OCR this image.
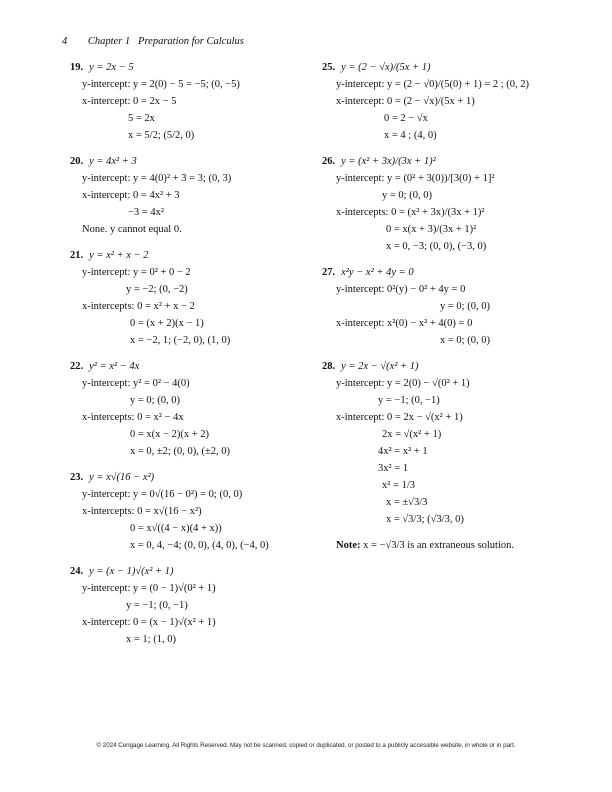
4 Chapter 1 Preparation for Calculus
19. y = 2x − 5
y-intercept: y = 2(0) − 5 = −5; (0, −5)
x-intercept: 0 = 2x − 5
5 = 2x
x = 5/2; (5/2, 0)
20. y = 4x² + 3
y-intercept: y = 4(0)² + 3 = 3; (0, 3)
x-intercept: 0 = 4x² + 3
−3 = 4x²
None. y cannot equal 0.
21. y = x² + x − 2
y-intercept: y = 0² + 0 − 2
y = −2; (0, −2)
x-intercepts: 0 = x² + x − 2
0 = (x + 2)(x − 1)
x = −2, 1; (−2, 0), (1, 0)
22. y² = x² − 4x
y-intercept: y² = 0² − 4(0)
y = 0; (0, 0)
x-intercepts: 0 = x² − 4x
0 = x(x − 2)(x + 2)
x = 0, ±2; (0, 0), (±2, 0)
23. y = x√(16 − x²)
y-intercept: y = 0√(16 − 0²) = 0; (0, 0)
x-intercepts: 0 = x√(16 − x²)
0 = x√((4 − x)(4 + x))
x = 0, 4, −4; (0, 0), (4, 0), (−4, 0)
24. y = (x − 1)√(x² + 1)
y-intercept: y = (0 − 1)√(0² + 1)
y = −1; (0, −1)
x-intercept: 0 = (x − 1)√(x² + 1)
x = 1; (1, 0)
25. y = (2 − √x)/(5x + 1)
y-intercept: y = (2 − √0)/(5(0) + 1) = 2 ; (0, 2)
x-intercept: 0 = (2 − √x)/(5x + 1)
0 = 2 − √x
x = 4 ; (4, 0)
26. y = (x² + 3x)/(3x + 1)²
y-intercept: y = (0² + 3(0))/[3(0) + 1]²
y = 0; (0, 0)
x-intercepts: 0 = (x² + 3x)/(3x + 1)²
0 = x(x + 3)/(3x + 1)²
x = 0, −3; (0, 0), (−3, 0)
27. x²y − x² + 4y = 0
y-intercept: 0²(y) − 0² + 4y = 0
y = 0; (0, 0)
x-intercept: x²(0) − x² + 4(0) = 0
x = 0; (0, 0)
28. y = 2x − √(x² + 1)
y-intercept: y = 2(0) − √(0² + 1)
y = −1; (0, −1)
x-intercept: 0 = 2x − √(x² + 1)
2x = √(x² + 1)
4x² = x² + 1
3x² = 1
x² = 1/3
x = ±√3/3
x = √3/3; (√3/3, 0)
Note: x = −√3/3 is an extraneous solution.
© 2024 Cengage Learning. All Rights Reserved. May not be scanned, copied or duplicated, or posted to a publicly accessible website, in whole or in part.
